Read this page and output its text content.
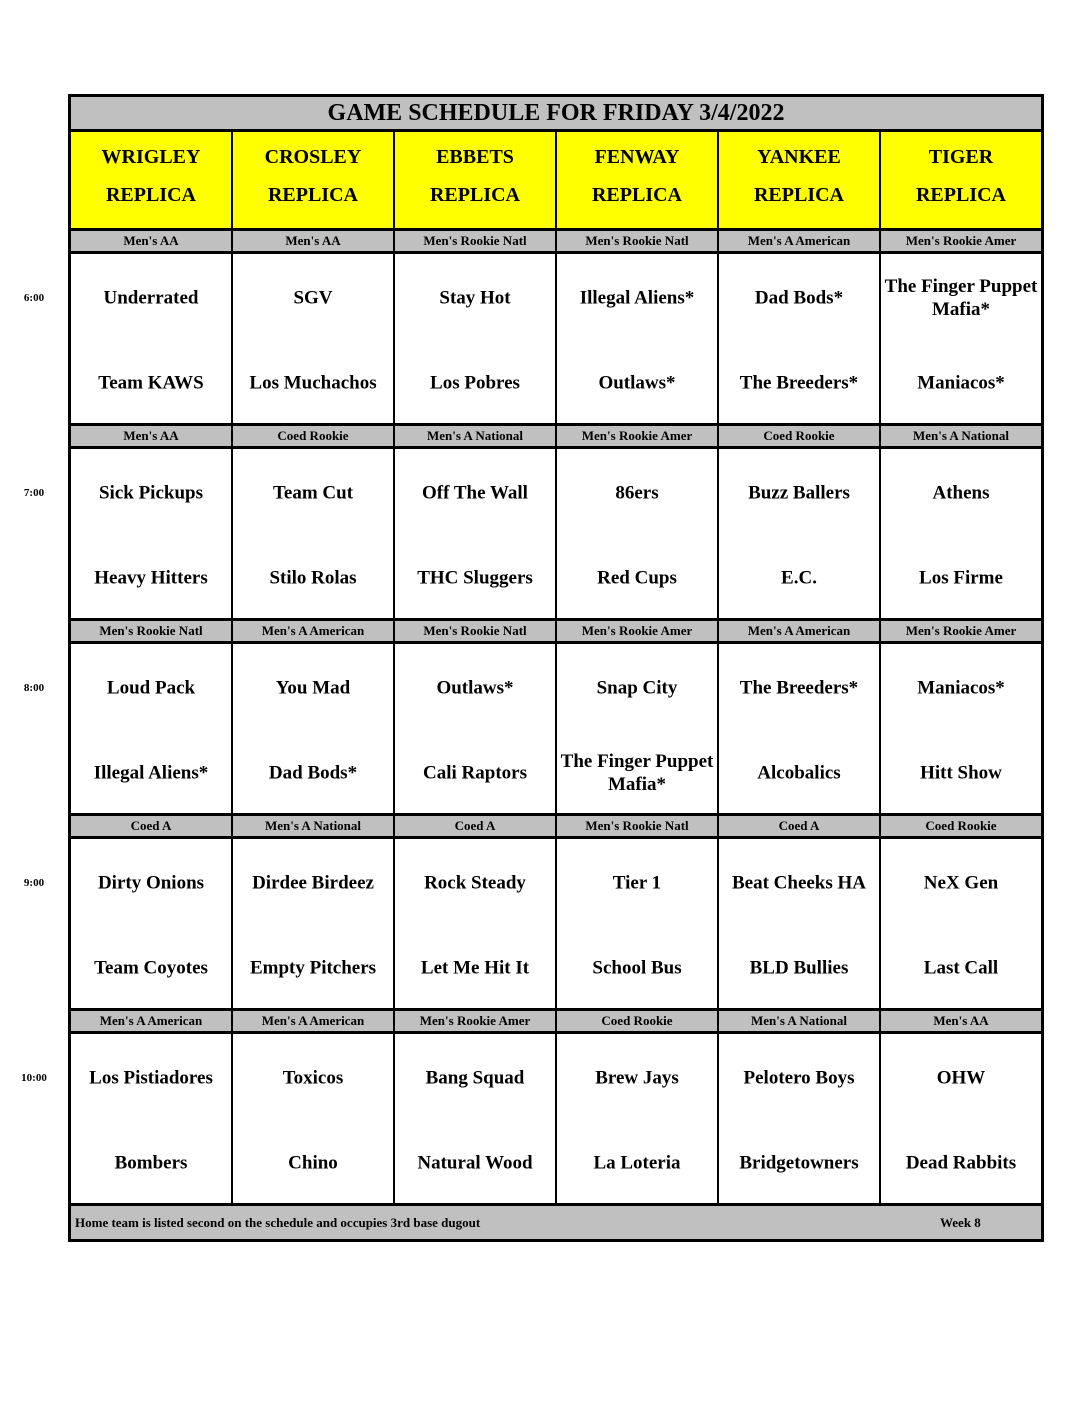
GAME SCHEDULE FOR FRIDAY 3/4/2022
WRIGLEY
REPLICA
CROSLEY
REPLICA
EBBETS
REPLICA
FENWAY
REPLICA
YANKEE
REPLICA
TIGER
REPLICA
Men's AA
Underrated
Team KAWS
Men's AA
SGV
Los Muchachos
Men's Rookie Natl
Stay Hot
Los Pobres
Men's Rookie Natl
Illegal Aliens*
Outlaws*
Men's A American
Dad Bods*
The Breeders*
Men's Rookie Amer
The Finger Puppet Mafia*
Maniacos*
Men's AA
Sick Pickups
Heavy Hitters
Coed Rookie
Team Cut
Stilo Rolas
Men's A National
Off The Wall
THC Sluggers
Men's Rookie Amer
86ers
Red Cups
Coed Rookie
Buzz Ballers
E.C.
Men's A National
Athens
Los Firme
Men's Rookie Natl
Loud Pack
Illegal Aliens*
Men's A American
You Mad
Dad Bods*
Men's Rookie Natl
Outlaws*
Cali Raptors
Men's Rookie Amer
Snap City
The Finger Puppet Mafia*
Men's A American
The Breeders*
Alcobalics
Men's Rookie Amer
Maniacos*
Hitt Show
Coed A
Dirty Onions
Team Coyotes
Men's A National
Dirdee Birdeez
Empty Pitchers
Coed A
Rock Steady
Let Me Hit It
Men's Rookie Natl
Tier 1
School Bus
Coed A
Beat Cheeks HA
BLD Bullies
Coed Rookie
NeX Gen
Last Call
Men's A American
Los Pistiadores
Bombers
Men's A American
Toxicos
Chino
Men's Rookie Amer
Bang Squad
Natural Wood
Coed Rookie
Brew Jays
La Loteria
Men's A National
Pelotero Boys
Bridgetowners
Men's AA
OHW
Dead Rabbits
Home team is listed second on the schedule and occupies 3rd base dugout	Week 8
6:00
7:00
8:00
9:00
10:00
